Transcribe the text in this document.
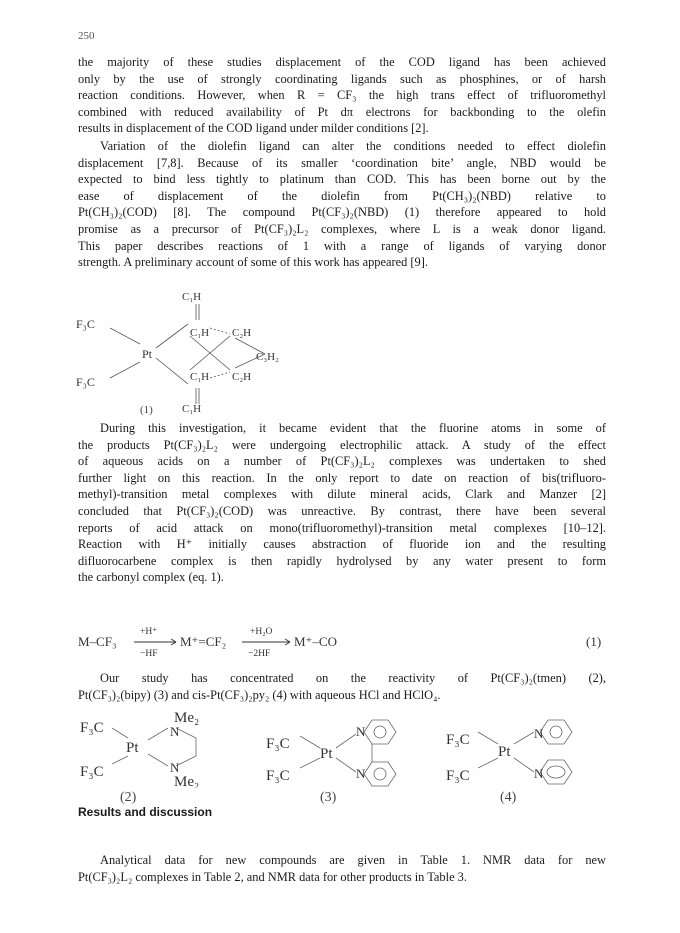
250
the majority of these studies displacement of the COD ligand has been achieved
only by the use of strongly coordinating ligands such as phosphines, or of harsh
reaction conditions. However, when R = CF₃ the high trans effect of trifluoromethyl
combined with reduced availability of Pt dπ electrons for backbonding to the olefin
results in displacement of the COD ligand under milder conditions [2].
Variation of the diolefin ligand can alter the conditions needed to effect diolefin
displacement [7,8]. Because of its smaller ‘coordination bite’ angle, NBD would be
expected to bind less tightly to platinum than COD. This has been borne out by the
ease of displacement of the diolefin from Pt(CH₃)₂(NBD) relative to
Pt(CH₃)₂(COD) [8]. The compound Pt(CF₃)₂(NBD) (1) therefore appeared to hold
promise as a precursor of Pt(CF₃)₂L₂ complexes, where L is a weak donor ligand.
This paper describes reactions of 1 with a range of ligands of varying donor
strength. A preliminary account of some of this work has appeared [9].
C₁H
F₃C
C₁H C₂H
Pt	C₃H₂
C₁H C₂H
F₃C
C₁H
(1)
During this investigation, it became evident that the fluorine atoms in some of
the products Pt(CF₃)₂L₂ were undergoing electrophilic attack. A study of the effect
of aqueous acids on a number of Pt(CF₃)₂L₂ complexes was undertaken to shed
further light on this reaction. In the only report to date on reaction of bis(trifluoro-
methyl)-transition metal complexes with dilute mineral acids, Clark and Manzer [2]
concluded that Pt(CF₃)₂(COD) was unreactive. By contrast, there have been several
reports of acid attack on mono(trifluoromethyl)-transition metal complexes [10–12].
Reaction with H⁺ initially causes abstraction of fluoride ion and the resulting
difluorocarbene complex is then rapidly hydrolysed by any water present to form
the carbonyl complex (eq. 1).
M–CF₃
+H⁺
−HF
M⁺=CF₂
+H₂O
−2HF
M⁺–CO	(1)
Our study has concentrated on the reactivity of Pt(CF₃)₂(tmen) (2),
Pt(CF₃)₂(bipy) (3) and cis-Pt(CF₃)₂py₂ (4) with aqueous HCl and HClO₄.
Me₂
F₃C	N
Pt
F₃C	N
Me₂
(2)
F₃C
N
Pt
F₃C	N
(3)
F₃C	N
Pt
F₃C	N
(4)
Results and discussion
Analytical data for new compounds are given in Table 1. NMR data for new
Pt(CF₃)₂L₂ complexes in Table 2, and NMR data for other products in Table 3.
